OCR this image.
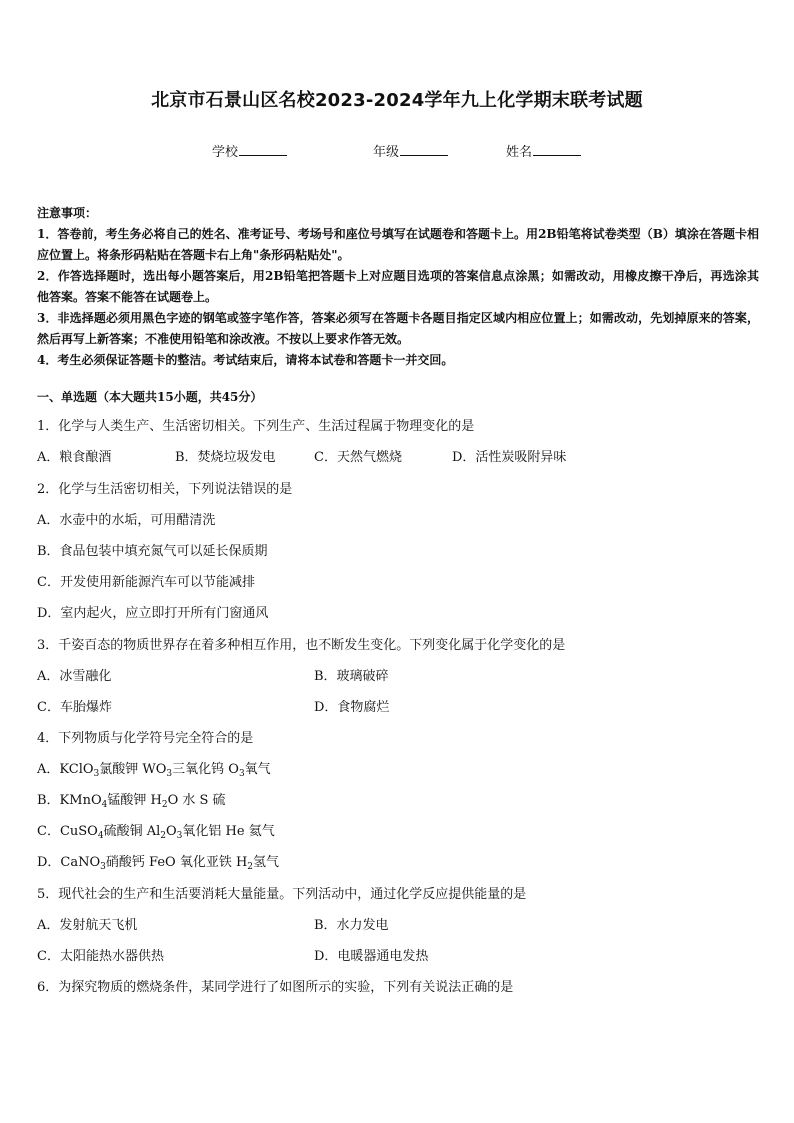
北京市石景山区名校2023-2024学年九上化学期末联考试题
学校	年级	姓名

注意事项：

1．答卷前，考生务必将自己的姓名、准考证号、考场号和座位号填写在试题卷和答题卡上。用2B铅笔将试卷类型（B）填涂在答题卡相应位置上。将条形码粘贴在答题卡右上角"条形码粘贴处"。

2．作答选择题时，选出每小题答案后，用2B铅笔把答题卡上对应题目选项的答案信息点涂黑；如需改动，用橡皮擦干净后，再选涂其他答案。答案不能答在试题卷上。

3．非选择题必须用黑色字迹的钢笔或签字笔作答，答案必须写在答题卡各题目指定区域内相应位置上；如需改动，先划掉原来的答案，然后再写上新答案；不准使用铅笔和涂改液。不按以上要求作答无效。

4．考生必须保证答题卡的整洁。考试结束后，请将本试卷和答题卡一并交回。

一、单选题（本大题共15小题，共45分）
1．化学与人类生产、生活密切相关。下列生产、生活过程属于物理变化的是
A．粮食酿酒	B．焚烧垃圾发电	C．天然气燃烧	D．活性炭吸附异味
2．化学与生活密切相关，下列说法错误的是
A．水壶中的水垢，可用醋清洗
B．食品包装中填充氮气可以延长保质期
C．开发使用新能源汽车可以节能减排
D．室内起火，应立即打开所有门窗通风
3．千姿百态的物质世界存在着多种相互作用，也不断发生变化。下列变化属于化学变化的是
A．冰雪融化	B．玻璃破碎
C．车胎爆炸	D．食物腐烂
4．下列物质与化学符号完全符合的是
A．KClO$_3$氯酸钾 $WO_3$三氧化钨 $O_3$氧气
B．KMnO$_4$锰酸钾 $H_2O$ 水 S 硫
C．CuSO$_4$硫酸铜 $Al_2O_3$氧化铝 He 氦气
D．CaNO$_3$硝酸钙 FeO 氧化亚铁 $H_2$氢气
5．现代社会的生产和生活要消耗大量能量。下列活动中，通过化学反应提供能量的是
A．发射航天飞机	B．水力发电
C．太阳能热水器供热	D．电暖器通电发热
6．为探究物质的燃烧条件，某同学进行了如图所示的实验，下列有关说法正确的是
